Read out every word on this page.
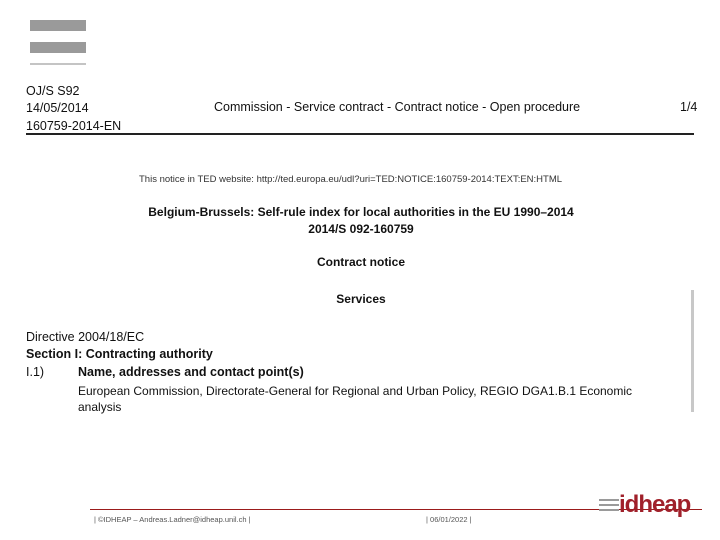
OJ/S S92
14/05/2014
160759-2014-EN
Commission - Service contract - Contract notice - Open procedure	1/4
This notice in TED website: http://ted.europa.eu/udl?uri=TED:NOTICE:160759-2014:TEXT:EN:HTML
Belgium-Brussels: Self-rule index for local authorities in the EU 1990–2014
2014/S 092-160759
Contract notice
Services
Directive 2004/18/EC
Section I: Contracting authority
I.1)	Name, addresses and contact point(s)
European Commission, Directorate-General for Regional and Urban Policy, REGIO DGA1.B.1 Economic analysis
| ©IDHEAP – Andreas.Ladner@idheap.unil.ch |	| 06/01/2022 |
idheap
